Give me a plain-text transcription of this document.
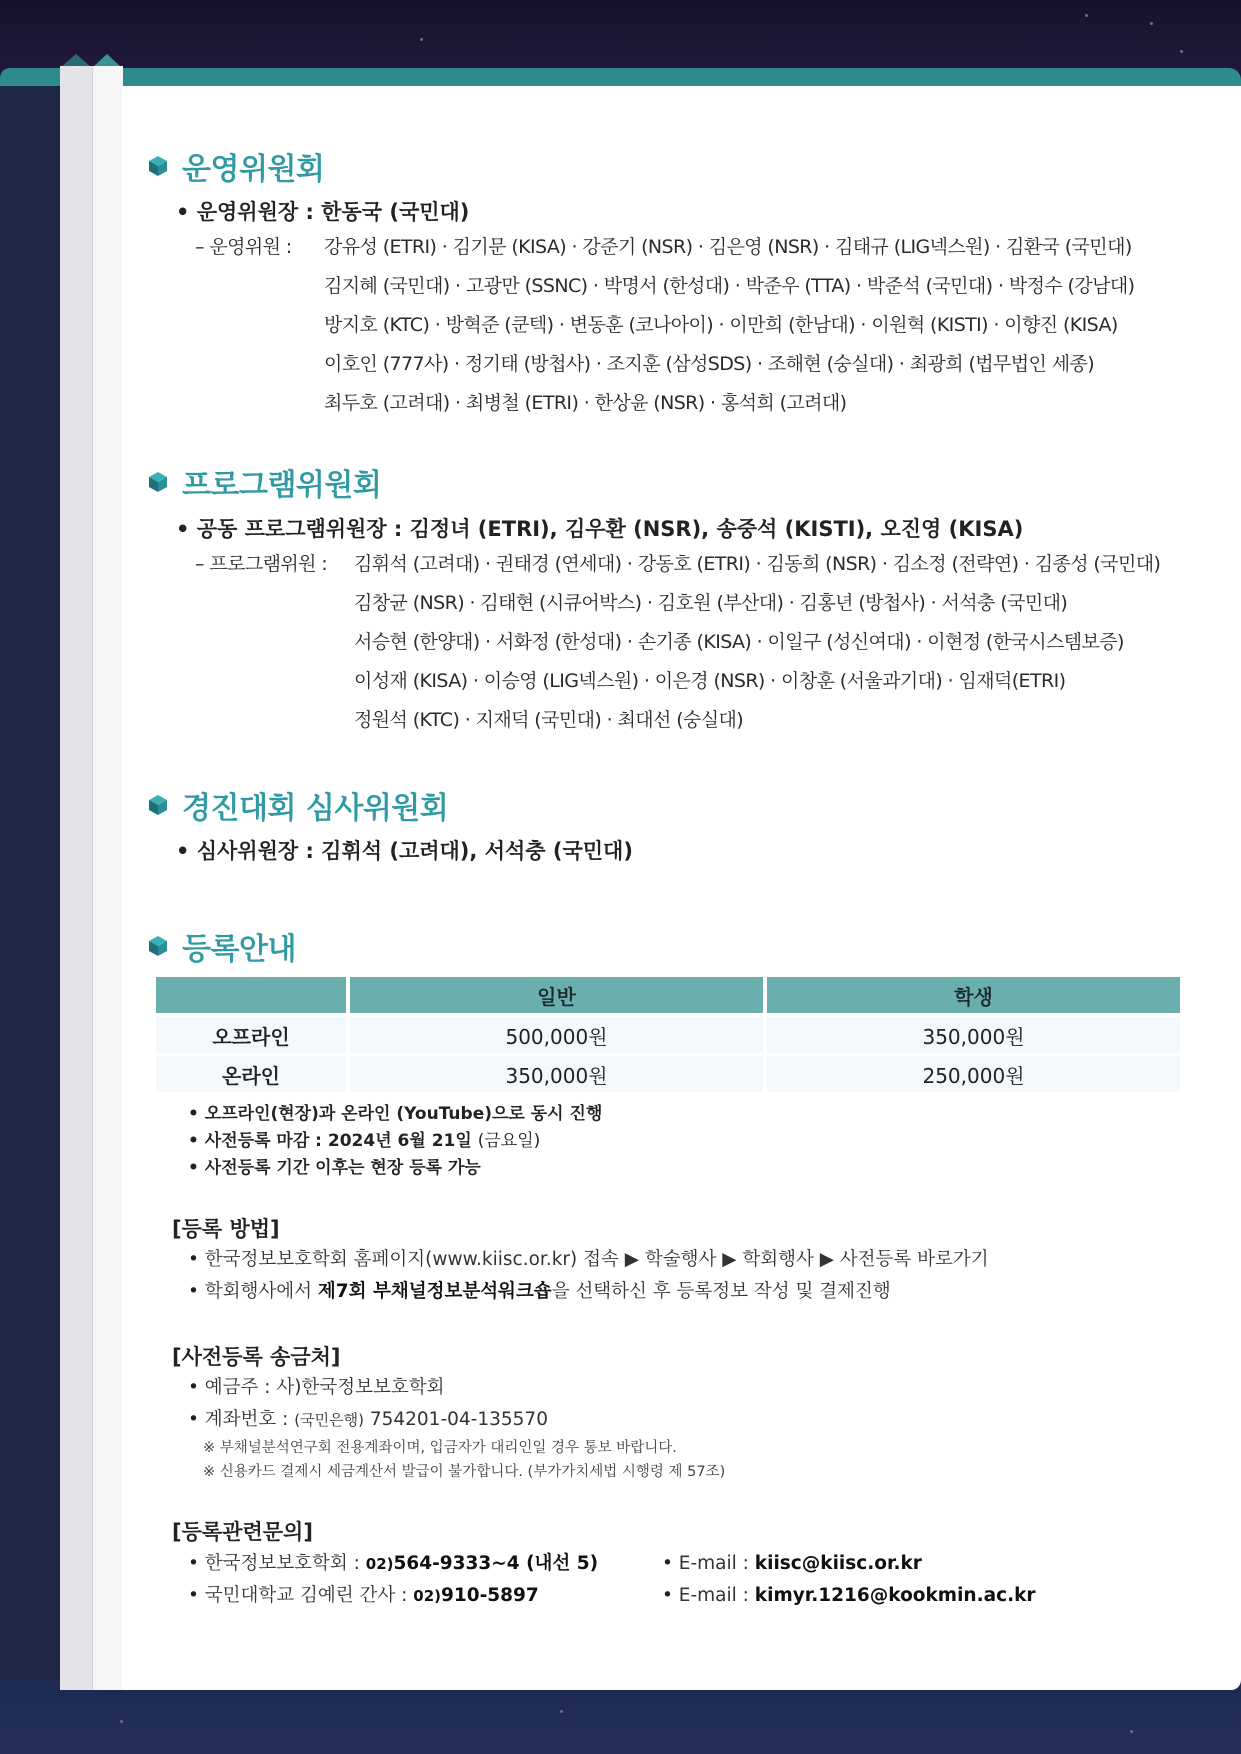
운영위원회
• 운영위원장 : 한동국 (국민대)
– 운영위원 : 강유성 (ETRI) · 김기문 (KISA) · 강준기 (NSR) · 김은영 (NSR) · 김태규 (LIG넥스원) · 김환국 (국민대)
김지혜 (국민대) · 고광만 (SSNC) · 박명서 (한성대) · 박준우 (TTA) · 박준석 (국민대) · 박정수 (강남대)
방지호 (KTC) · 방혁준 (쿤텍) · 변동훈 (코나아이) · 이만희 (한남대) · 이원혁 (KISTI) · 이향진 (KISA)
이호인 (777사) · 정기태 (방첩사) · 조지훈 (삼성SDS) · 조해현 (숭실대) · 최광희 (법무법인 세종)
최두호 (고려대) · 최병철 (ETRI) · 한상윤 (NSR) · 홍석희 (고려대)
프로그램위원회
• 공동 프로그램위원장 : 김정녀 (ETRI), 김우환 (NSR), 송중석 (KISTI), 오진영 (KISA)
– 프로그램위원 : 김휘석 (고려대) · 권태경 (연세대) · 강동호 (ETRI) · 김동희 (NSR) · 김소정 (전략연) · 김종성 (국민대)
김창균 (NSR) · 김태현 (시큐어박스) · 김호원 (부산대) · 김홍년 (방첩사) · 서석충 (국민대)
서승현 (한양대) · 서화정 (한성대) · 손기종 (KISA) · 이일구 (성신여대) · 이현정 (한국시스템보증)
이성재 (KISA) · 이승영 (LIG넥스원) · 이은경 (NSR) · 이창훈 (서울과기대) · 임재덕(ETRI)
정원석 (KTC) · 지재덕 (국민대) · 최대선 (숭실대)
경진대회 심사위원회
• 심사위원장 : 김휘석 (고려대), 서석충 (국민대)
등록안내
	일반	학생
오프라인	500,000원	350,000원
온라인	350,000원	250,000원
• 오프라인(현장)과 온라인 (YouTube)으로 동시 진행
• 사전등록 마감 : 2024년 6월 21일 (금요일)
• 사전등록 기간 이후는 현장 등록 가능
[등록 방법]
• 한국정보보호학회 홈페이지(www.kiisc.or.kr) 접속 ▶ 학술행사 ▶ 학회행사 ▶ 사전등록 바로가기
• 학회행사에서 제7회 부채널정보분석워크숍을 선택하신 후 등록정보 작성 및 결제진행
[사전등록 송금처]
• 예금주 : 사)한국정보보호학회
• 계좌번호 : (국민은행) 754201-04-135570
※ 부채널분석연구회 전용계좌이며, 입금자가 대리인일 경우 통보 바랍니다.
※ 신용카드 결제시 세금계산서 발급이 불가합니다. (부가가치세법 시행령 제 57조)
[등록관련문의]
• 한국정보보호학회 : 02)564-9333~4 (내선 5)
• 국민대학교 김예린 간사 : 02)910-5897
• E-mail : kiisc@kiisc.or.kr
• E-mail : kimyr.1216@kookmin.ac.kr
